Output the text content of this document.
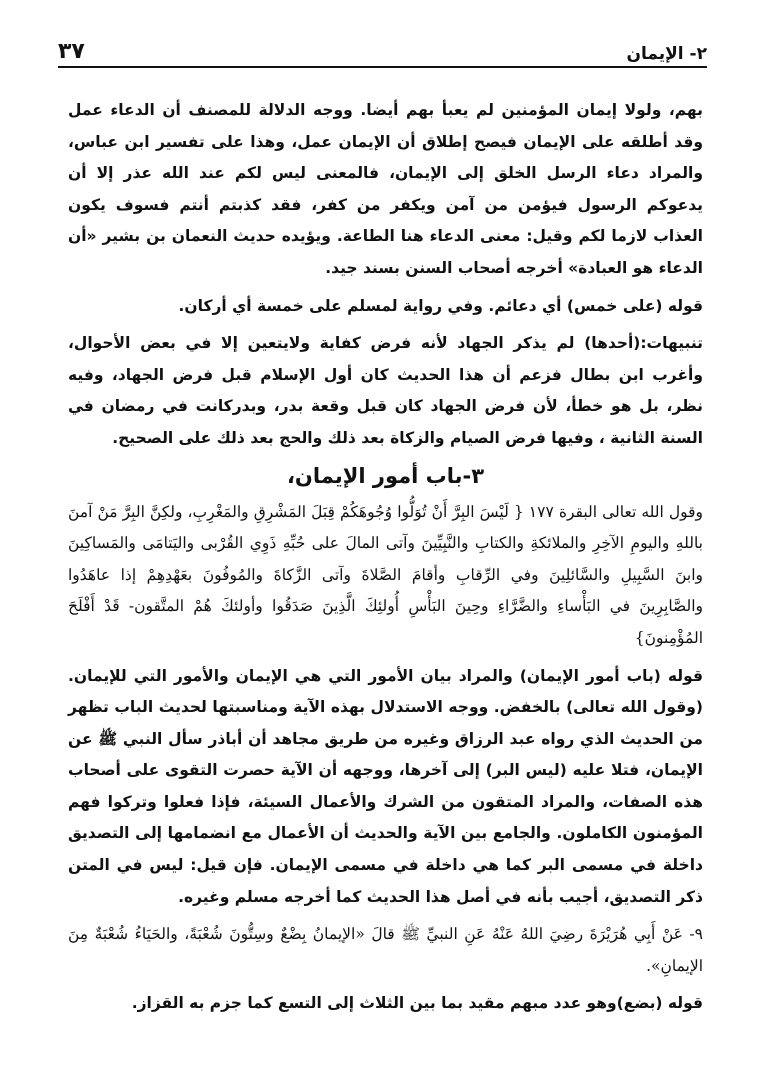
٢- الإيمان
٣٧

بهم، ولولا إيمان المؤمنين لم يعبأ بهم أيضا. ووجه الدلالة للمصنف أن الدعاء عمل وقد أطلقه على الإيمان فيصح إطلاق أن الإيمان عمل، وهذا على تفسير ابن عباس، والمراد دعاء الرسل الخلق إلى الإيمان، فالمعنى ليس لكم عند الله عذر إلا أن يدعوكم الرسول فيؤمن من آمن ويكفر من كفر، فقد كذبتم أنتم فسوف يكون العذاب لازما لكم وقيل: معنى الدعاء هنا الطاعة. ويؤيده حديث النعمان بن بشير «أن الدعاء هو العبادة» أخرجه أصحاب السنن بسند جيد.

قوله (على خمس) أي دعائم. وفي رواية لمسلم على خمسة أي أركان.

تنبيهات:(أحدها) لم يذكر الجهاد لأنه فرض كفاية ولايتعين إلا في بعض الأحوال، وأغرب ابن بطال فزعم أن هذا الحديث كان أول الإسلام قبل فرض الجهاد، وفيه نظر، بل هو خطأ، لأن فرض الجهاد كان قبل وقعة بدر، وبدركانت في رمضان في السنة الثانية ، وفيها فرض الصيام والزكاة بعد ذلك والحج بعد ذلك على الصحيح.

٣-باب أمور الإيمان،

وقول الله تعالى البقرة ١٧٧ { لَيْسَ البِرَّ أَنْ تُوَلُّوا وُجُوهَكُمْ قِبَلَ المَشْرِقِ والمَغْرِبِ، ولكِنَّ البِرَّ مَنْ آمنَ باللهِ واليومِ الآخِرِ والملائكةِ والكتابِ والنَّبِيِّينَ وآتى المالَ على حُبِّهِ ذَوِي القُرْبى واليَتامَى والمَساكِينَ وابنَ السَّبِيلِ والسَّائلِينَ وفي الرِّقابِ وأقامَ الصَّلاةَ وآتى الزَّكاةَ والمُوفُونَ بعَهْدِهِمْ إذا عاهَدُوا والصَّابِرِينَ في البَأْساءِ والضَّرَّاءِ وحِينَ البَأْسِ أُولئِكَ الَّذِينَ صَدَقُوا وأولئكَ هُمْ المتَّقون- قَدْ أَفْلَحَ المُؤْمِنونَ}

قوله (باب أمور الإيمان) والمراد بيان الأمور التي هي الإيمان والأمور التي للإيمان. (وقول الله تعالى) بالخفض. ووجه الاستدلال بهذه الآية ومناسبتها لحديث الباب تظهر من الحديث الذي رواه عبد الرزاق وغيره من طريق مجاهد أن أباذر سأل النبي ﷺ عن الإيمان، فتلا عليه (ليس البر) إلى آخرها، ووجهه أن الآية حصرت التقوى على أصحاب هذه الصفات، والمراد المتقون من الشرك والأعمال السيئة، فإذا فعلوا وتركوا فهم المؤمنون الكاملون. والجامع بين الآية والحديث أن الأعمال مع انضمامها إلى التصديق داخلة في مسمى البر كما هي داخلة في مسمى الإيمان. فإن قيل: ليس في المتن ذكر التصديق، أجيب بأنه في أصل هذا الحديث كما أخرجه مسلم وغيره.

٩- عَنْ أَبِي هُرَيْرَةَ رضِيَ اللهُ عَنْهُ عَنِ النبيِّ ﷺ قالَ «الإيمانُ بِضْعٌ وسِتُّونَ شُعْبَةً، والحَيَاءُ شُعْبَةٌ مِنَ الإيمانِ».

قوله (بضع)وهو عدد مبهم مقيد بما بين الثلاث إلى التسع كما جزم به القزاز.
